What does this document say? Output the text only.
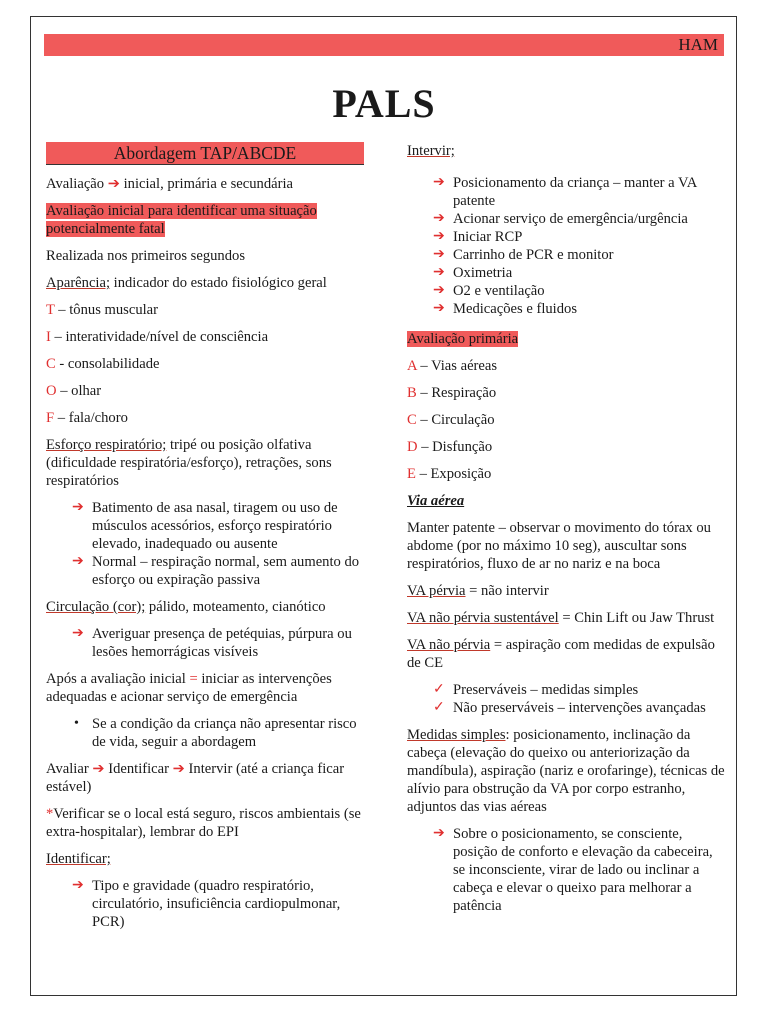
HAM
PALS
Abordagem TAP/ABCDE

Avaliação ➔ inicial, primária e secundária

Avaliação inicial para identificar uma situação potencialmente fatal

Realizada nos primeiros segundos

Aparência; indicador do estado fisiológico geral

T – tônus muscular

I – interatividade/nível de consciência

C - consolabilidade

O – olhar

F – fala/choro

Esforço respiratório; tripé ou posição olfativa (dificuldade respiratória/esforço), retrações, sons respiratórios

➔ Batimento de asa nasal, tiragem ou uso de músculos acessórios, esforço respiratório elevado, inadequado ou ausente
➔ Normal – respiração normal, sem aumento do esforço ou expiração passiva

Circulação (cor); pálido, moteamento, cianótico

➔ Averiguar presença de petéquias, púrpura ou lesões hemorrágicas visíveis

Após a avaliação inicial = iniciar as intervenções adequadas e acionar serviço de emergência

• Se a condição da criança não apresentar risco de vida, seguir a abordagem

Avaliar ➔ Identificar ➔ Intervir (até a criança ficar estável)

*Verificar se o local está seguro, riscos ambientais (se extra-hospitalar), lembrar do EPI

Identificar;

➔ Tipo e gravidade (quadro respiratório, circulatório, insuficiência cardiopulmonar, PCR)

Intervir;

➔ Posicionamento da criança – manter a VA patente
➔ Acionar serviço de emergência/urgência
➔ Iniciar RCP
➔ Carrinho de PCR e monitor
➔ Oximetria
➔ O2 e ventilação
➔ Medicações e fluidos

Avaliação primária

A – Vias aéreas

B – Respiração

C – Circulação

D – Disfunção

E – Exposição

Via aérea

Manter patente – observar o movimento do tórax ou abdome (por no máximo 10 seg), auscultar sons respiratórios, fluxo de ar no nariz e na boca

VA pérvia = não intervir

VA não pérvia sustentável = Chin Lift ou Jaw Thrust

VA não pérvia = aspiração com medidas de expulsão de CE

✓ Preserváveis – medidas simples
✓ Não preserváveis – intervenções avançadas

Medidas simples: posicionamento, inclinação da cabeça (elevação do queixo ou anteriorização da mandíbula), aspiração (nariz e orofaringe), técnicas de alívio para obstrução da VA por corpo estranho, adjuntos das vias aéreas

➔ Sobre o posicionamento, se consciente, posição de conforto e elevação da cabeceira, se inconsciente, virar de lado ou inclinar a cabeça e elevar o queixo para melhorar a patência
